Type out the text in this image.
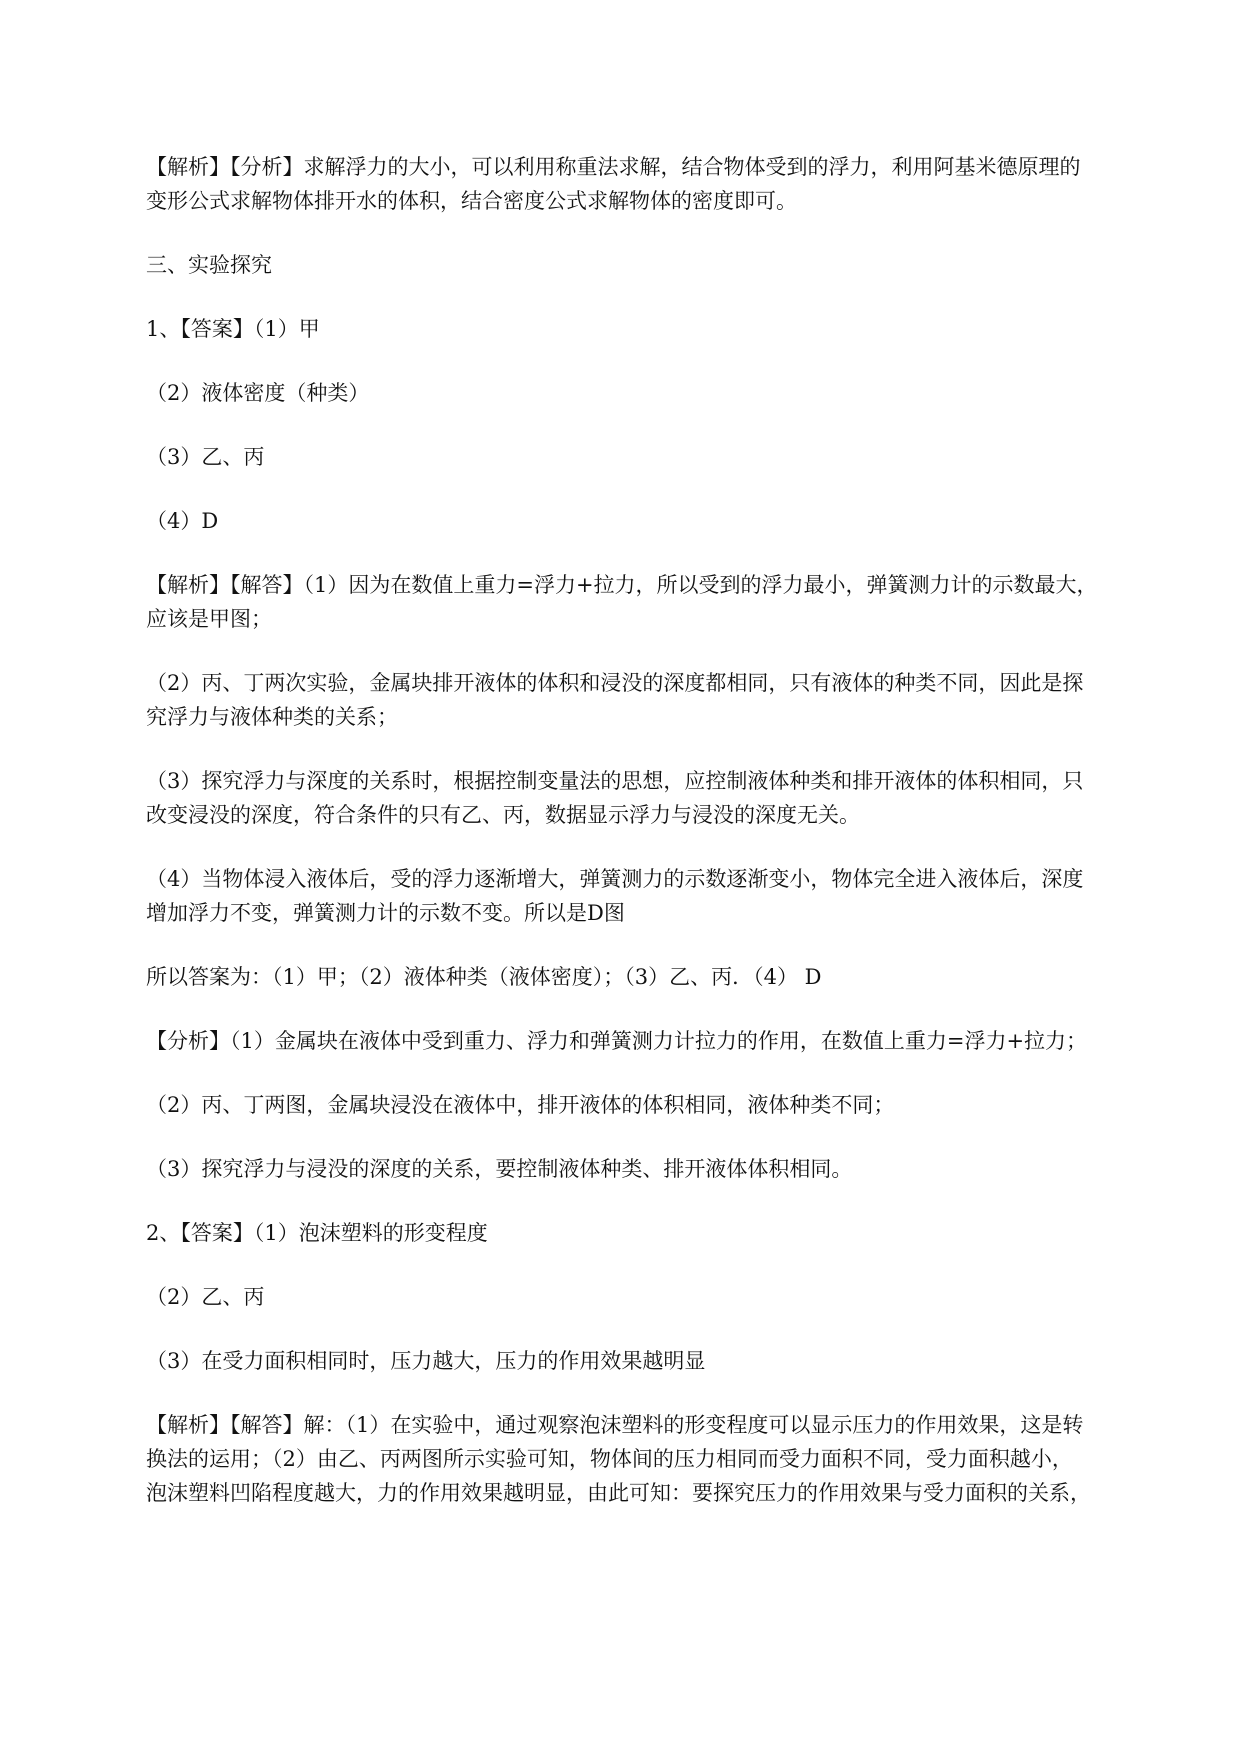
【解析】【分析】求解浮力的大小，可以利用称重法求解，结合物体受到的浮力，利用阿基米德原理的
变形公式求解物体排开水的体积，结合密度公式求解物体的密度即可。

三、实验探究

1、【答案】（1）甲

（2）液体密度（种类）

（3）乙、丙

（4）D

【解析】【解答】（1）因为在数值上重力=浮力+拉力，所以受到的浮力最小，弹簧测力计的示数最大，
应该是甲图；

（2）丙、丁两次实验，金属块排开液体的体积和浸没的深度都相同，只有液体的种类不同，因此是探
究浮力与液体种类的关系；

（3）探究浮力与深度的关系时，根据控制变量法的思想，应控制液体种类和排开液体的体积相同，只
改变浸没的深度，符合条件的只有乙、丙，数据显示浮力与浸没的深度无关。

（4）当物体浸入液体后，受的浮力逐渐增大，弹簧测力的示数逐渐变小，物体完全进入液体后，深度
增加浮力不变，弹簧测力计的示数不变。所以是D图

所以答案为：（1）甲；（2）液体种类（液体密度）；（3）乙、丙．（4） D

【分析】（1）金属块在液体中受到重力、浮力和弹簧测力计拉力的作用，在数值上重力=浮力+拉力；

（2）丙、丁两图，金属块浸没在液体中，排开液体的体积相同，液体种类不同；

（3）探究浮力与浸没的深度的关系，要控制液体种类、排开液体体积相同。

2、【答案】（1）泡沫塑料的形变程度

（2）乙、丙

（3）在受力面积相同时，压力越大，压力的作用效果越明显

【解析】【解答】解：（1）在实验中，通过观察泡沫塑料的形变程度可以显示压力的作用效果，这是转
换法的运用；（2）由乙、丙两图所示实验可知，物体间的压力相同而受力面积不同，受力面积越小，
泡沫塑料凹陷程度越大，力的作用效果越明显，由此可知：要探究压力的作用效果与受力面积的关系，
